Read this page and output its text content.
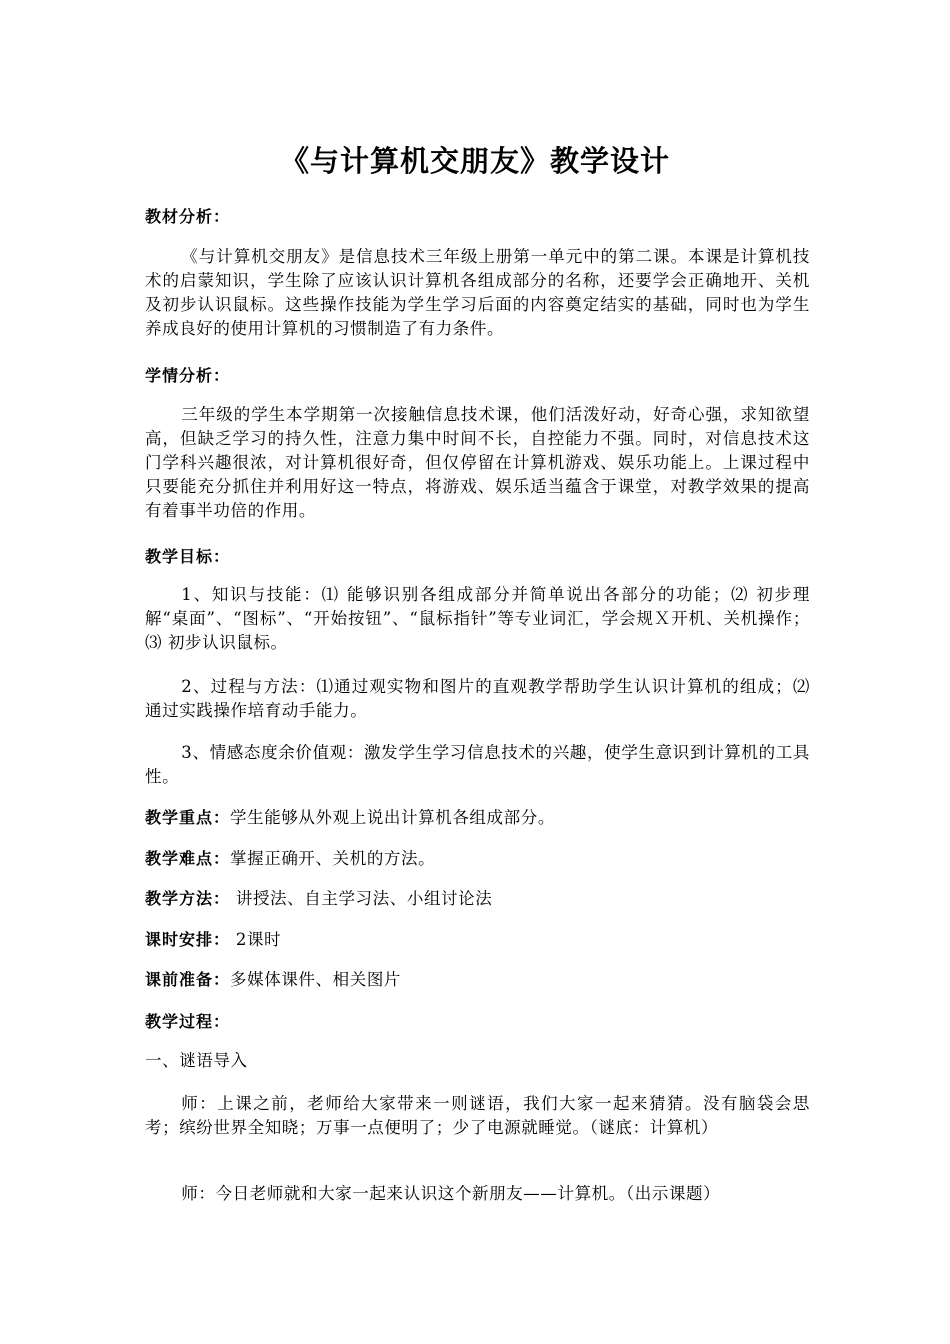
《与计算机交朋友》教学设计
教材分析：
《与计算机交朋友》是信息技术三年级上册第一单元中的第二课。本课是计算机技术的启蒙知识，学生除了应该认识计算机各组成部分的名称，还要学会正确地开、关机及初步认识鼠标。这些操作技能为学生学习后面的内容奠定结实的基础，同时也为学生养成良好的使用计算机的习惯制造了有力条件。
学情分析：
三年级的学生本学期第一次接触信息技术课，他们活泼好动，好奇心强，求知欲望高，但缺乏学习的持久性，注意力集中时间不长，自控能力不强。同时，对信息技术这门学科兴趣很浓，对计算机很好奇，但仅停留在计算机游戏、娱乐功能上。上课过程中只要能充分抓住并利用好这一特点，将游戏、娱乐适当蕴含于课堂，对教学效果的提高有着事半功倍的作用。
教学目标：
1、知识与技能：⑴ 能够识别各组成部分并简单说出各部分的功能；⑵ 初步理解“桌面”、“图标”、“开始按钮”、“鼠标指针”等专业词汇，学会规Ｘ开机、关机操作；⑶ 初步认识鼠标。
2、过程与方法：⑴通过观实物和图片的直观教学帮助学生认识计算机的组成；⑵ 通过实践操作培育动手能力。
3、情感态度余价值观：激发学生学习信息技术的兴趣，使学生意识到计算机的工具性。
教学重点：学生能够从外观上说出计算机各组成部分。
教学难点：掌握正确开、关机的方法。
教学方法： 讲授法、自主学习法、小组讨论法
课时安排： 2课时
课前准备：多媒体课件、相关图片
教学过程：
一、谜语导入
师：上课之前，老师给大家带来一则谜语，我们大家一起来猜猜。没有脑袋会思考；缤纷世界全知晓；万事一点便明了；少了电源就睡觉。（谜底：计算机）
师：今日老师就和大家一起来认识这个新朋友——计算机。（出示课题）
